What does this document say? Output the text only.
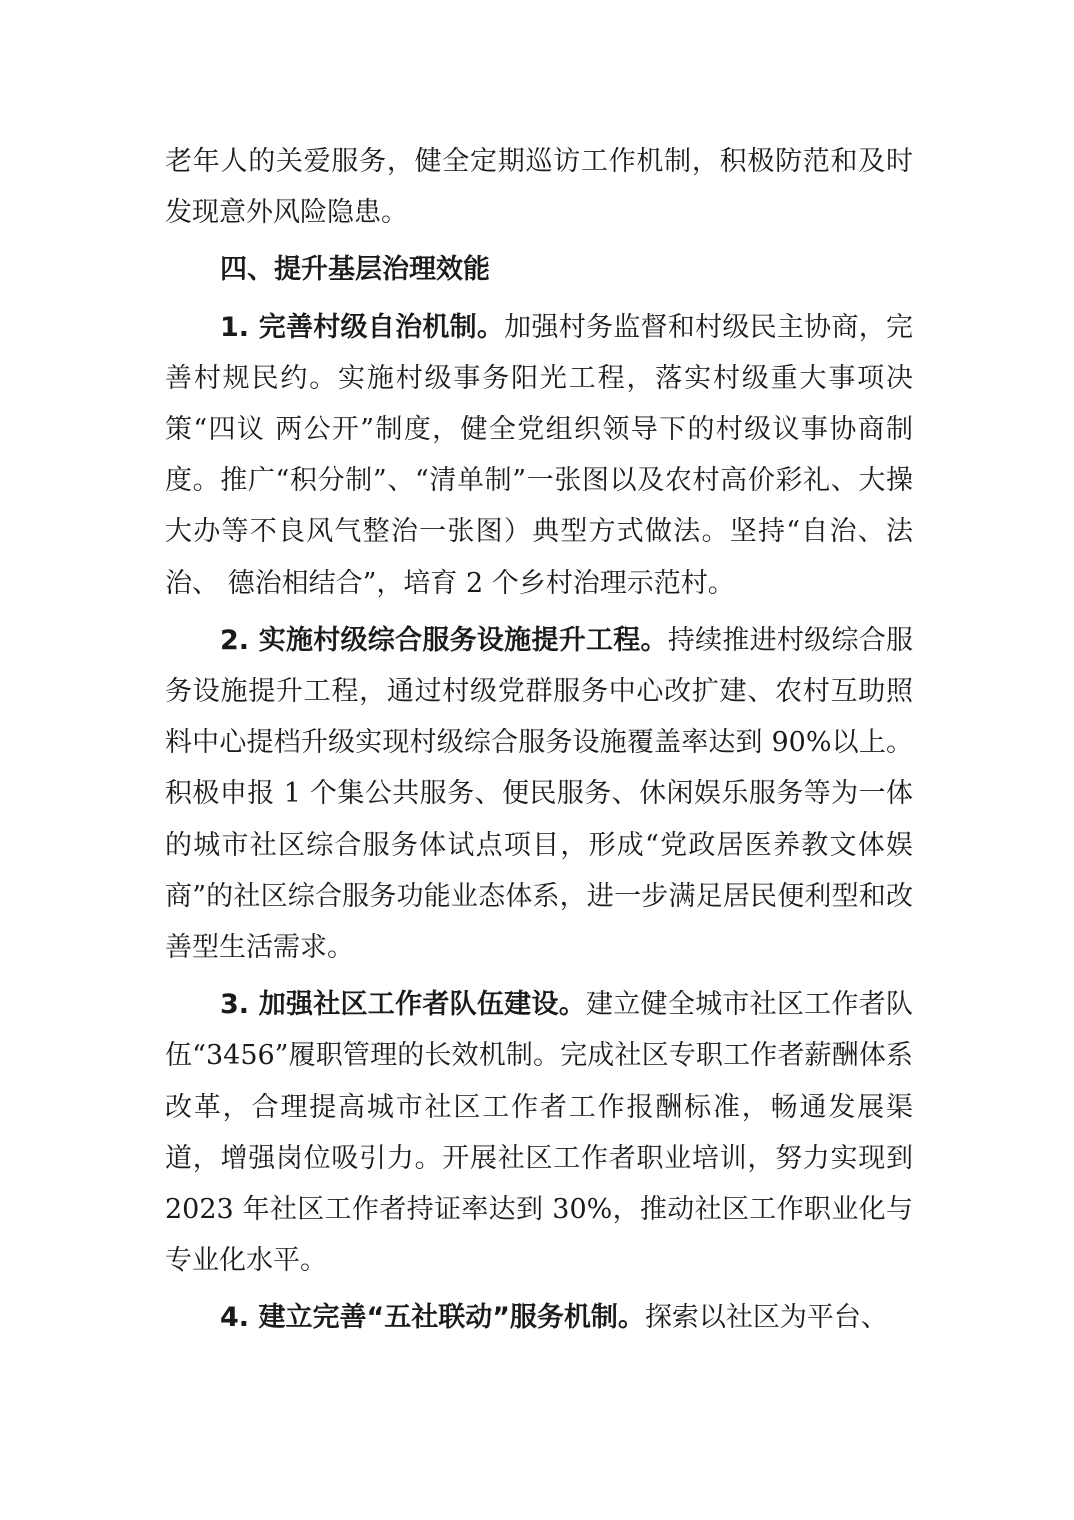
老年人的关爱服务，健全定期巡访工作机制，积极防范和及时发现意外风险隐患。

四、提升基层治理效能

1. 完善村级自治机制。加强村务监督和村级民主协商，完 善村规民约。实施村级事务阳光工程，落实村级重大事项决策“四议 两公开”制度，健全党组织领导下的村级议事协商制度。推广“积分制”、“清单制”一张图以及农村高价彩礼、大操大办等不良风气整治一张图）典型方式做法。坚持“自治、法治、 德治相结合”，培育 2 个乡村治理示范村。

2. 实施村级综合服务设施提升工程。持续推进村级综合服务设施提升工程，通过村级党群服务中心改扩建、农村互助照料中心提档升级实现村级综合服务设施覆盖率达到 90%以上。积极申报 1 个集公共服务、便民服务、休闲娱乐服务等为一体的城市社区综合服务体试点项目，形成“党政居医养教文体娱商”的社区综合服务功能业态体系，进一步满足居民便利型和改善型生活需求。

3. 加强社区工作者队伍建设。建立健全城市社区工作者队伍“3456”履职管理的长效机制。完成社区专职工作者薪酬体系改革，合理提高城市社区工作者工作报酬标准，畅通发展渠道，增强岗位吸引力。开展社区工作者职业培训，努力实现到 2023 年社区工作者持证率达到 30%，推动社区工作职业化与专业化水平。

4. 建立完善“五社联动”服务机制。探索以社区为平台、
